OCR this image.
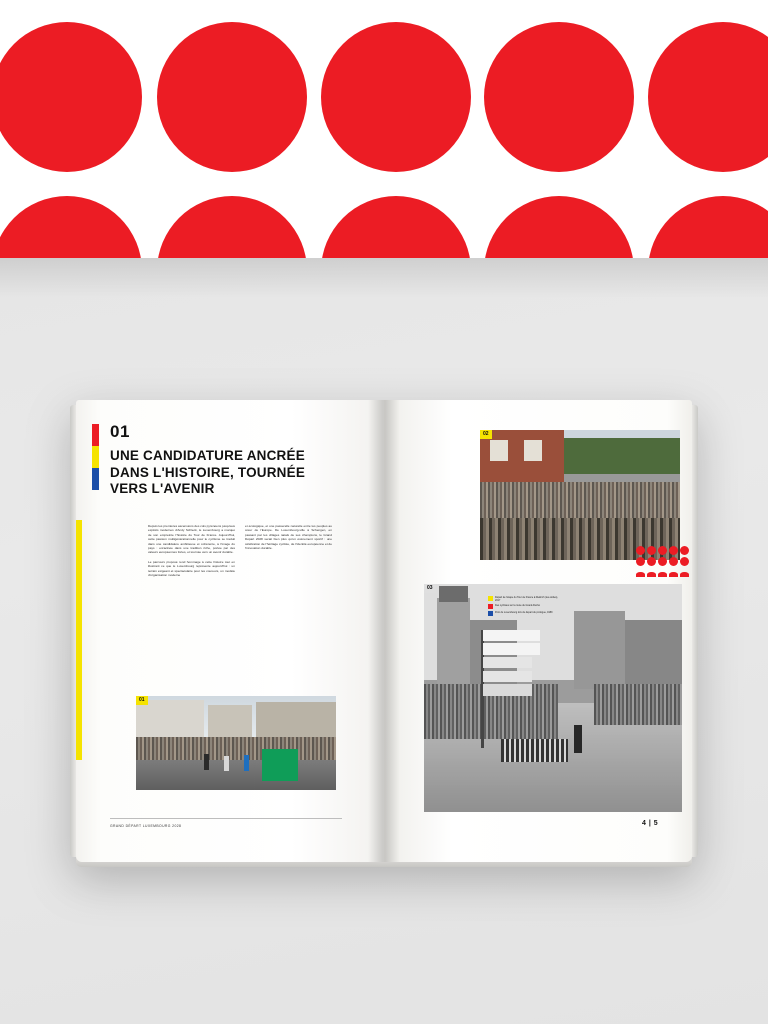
01
UNE CANDIDATURE ANCRÉE DANS L'HISTOIRE, TOURNÉE VERS L'AVENIR

Depuis les premières ascensions des cols pyrénéens jusqu'aux exploits modernes d'Andy Schleck, le Luxembourg a marqué de son empreinte l'histoire du Tour de France. Aujourd'hui, cette passion multigénérationnelle pour le cyclisme se traduit dans une candidature ambitieuse et cohérente, à l'image du pays : enracinée dans une tradition riche, portée par des valeurs européennes fortes, et tournée vers un avenir durable.

Le parcours proposé rend hommage à cette histoire tout en illustrant ce que le Luxembourg représente aujourd'hui : un terrain exigeant et spectaculaire pour les coureurs, un modèle d'organisation moderne

et écologique, et une passerelle naturelle entre les peuples au cœur de l'Europe. De Luxembourg-ville à Schengen, en passant par les villages natals de ses champions, le Grand Départ 2028 serait bien plus qu'un événement sportif : une célébration de l'héritage cycliste, de l'identité européenne et de l'innovation durable.

01
GRAND DÉPART LUXEMBOURG 2028
02
03
Départ de l'étape du Tour de France à Diekirch (les étoiles), 2017
Des cyclistes sur la route du Grand-Duché
Pont du Luxembourg lors du départ du prologue, 1989
4 | 5
